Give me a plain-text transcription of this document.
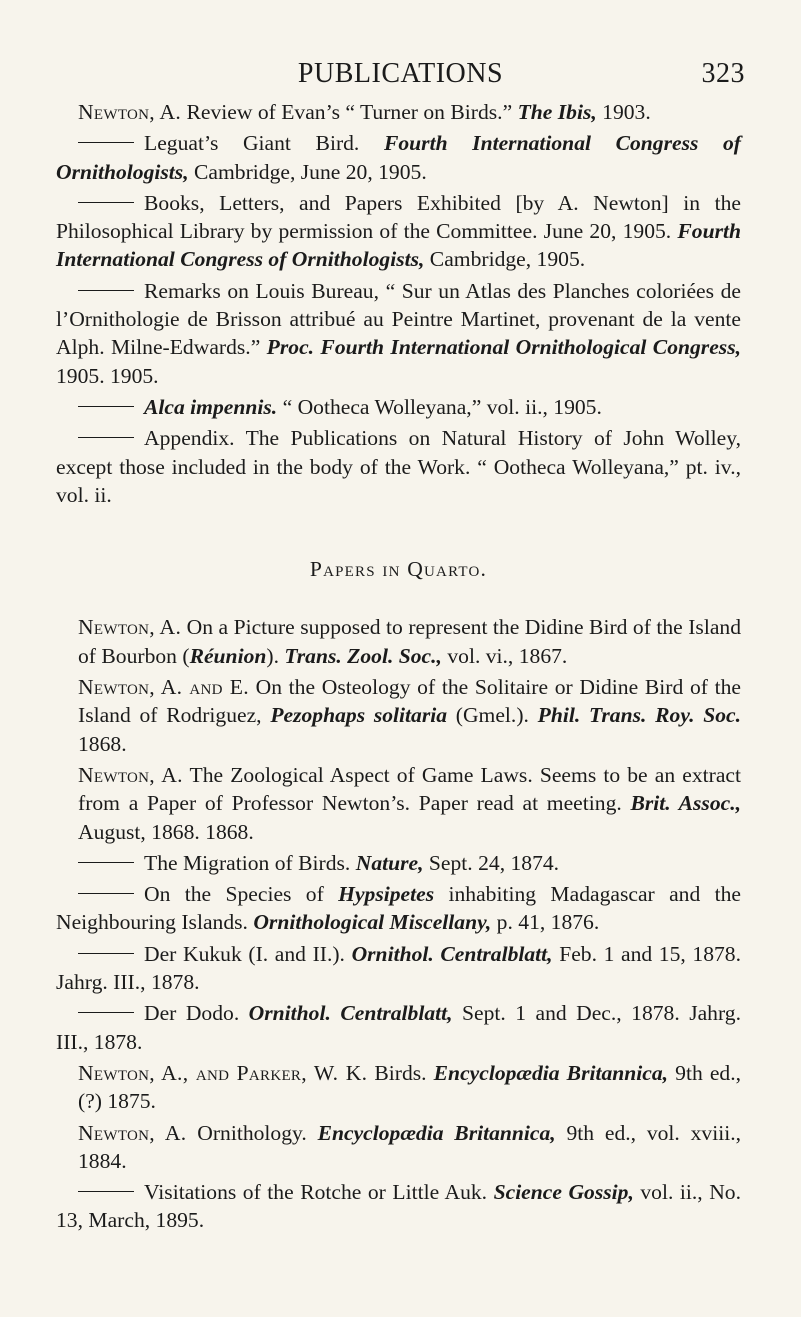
PUBLICATIONS	323

Newton, A. Review of Evan’s “ Turner on Birds.” The Ibis, 1903.

Leguat’s Giant Bird. Fourth International Congress of Ornithologists, Cambridge, June 20, 1905.

Books, Letters, and Papers Exhibited [by A. Newton] in the Philosophical Library by permission of the Committee. June 20, 1905. Fourth International Congress of Ornithologists, Cambridge, 1905.

Remarks on Louis Bureau, “ Sur un Atlas des Planches coloriées de l’Ornithologie de Brisson attribué au Peintre Martinet, provenant de la vente Alph. Milne-Edwards.” Proc. Fourth International Ornithological Congress, 1905. 1905.

Alca impennis. “ Ootheca Wolleyana,” vol. ii., 1905.

Appendix. The Publications on Natural History of John Wolley, except those included in the body of the Work. “ Ootheca Wolleyana,” pt. iv., vol. ii.

Papers in Quarto.

Newton, A. On a Picture supposed to represent the Didine Bird of the Island of Bourbon (Réunion). Trans. Zool. Soc., vol. vi., 1867.

Newton, A. and E. On the Osteology of the Solitaire or Didine Bird of the Island of Rodriguez, Pezophaps solitaria (Gmel.). Phil. Trans. Roy. Soc. 1868.

Newton, A. The Zoological Aspect of Game Laws. Seems to be an extract from a Paper of Professor Newton’s. Paper read at meeting. Brit. Assoc., August, 1868. 1868.

The Migration of Birds. Nature, Sept. 24, 1874.

On the Species of Hypsipetes inhabiting Madagascar and the Neighbouring Islands. Ornithological Miscellany, p. 41, 1876.

Der Kukuk (I. and II.). Ornithol. Centralblatt, Feb. 1 and 15, 1878. Jahrg. III., 1878.

Der Dodo. Ornithol. Centralblatt, Sept. 1 and Dec., 1878. Jahrg. III., 1878.

Newton, A., and Parker, W. K. Birds. Encyclopædia Britannica, 9th ed., (?) 1875.

Newton, A. Ornithology. Encyclopædia Britannica, 9th ed., vol. xviii., 1884.

Visitations of the Rotche or Little Auk. Science Gossip, vol. ii., No. 13, March, 1895.
